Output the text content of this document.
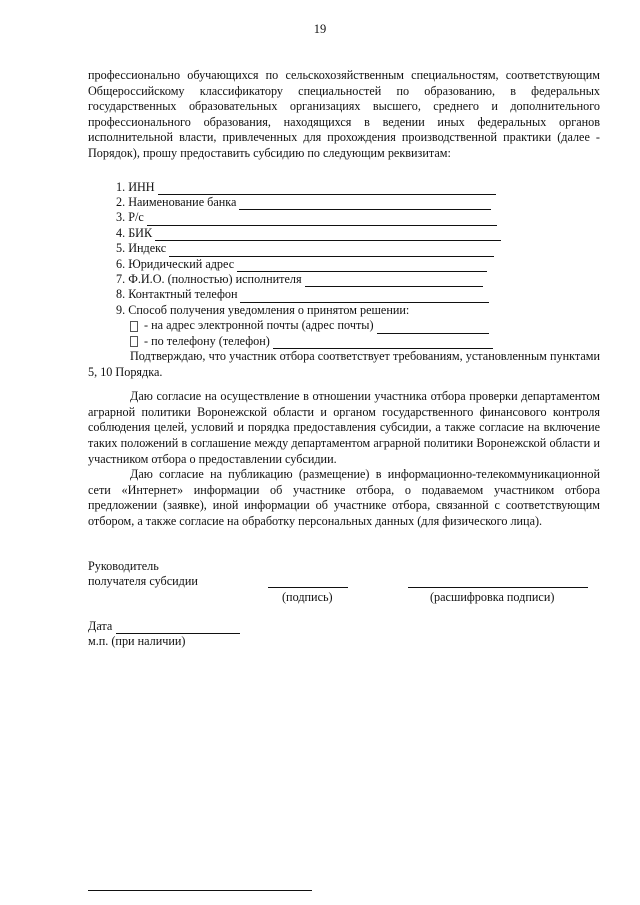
19

профессионально обучающихся по сельскохозяйственным специальностям, соответствующим Общероссийскому классификатору специальностей по образованию, в федеральных государственных образовательных организациях высшего, среднего и дополнительного профессионального образования, находящихся в ведении иных федеральных органов исполнительной власти, привлеченных для прохождения производственной практики (далее - Порядок), прошу предоставить субсидию по следующим реквизитам:

1. ИНН
2. Наименование банка
3. Р/с
4. БИК
5. Индекс
6. Юридический адрес
7. Ф.И.О. (полностью) исполнителя
8. Контактный телефон
9. Способ получения уведомления о принятом решении:
- на адрес электронной почты (адрес почты)
- по телефону (телефон)

Подтверждаю, что участник отбора соответствует требованиям, установленным пунктами 5, 10 Порядка.

Даю согласие на осуществление в отношении участника отбора проверки департаментом аграрной политики Воронежской области и органом государственного финансового контроля соблюдения целей, условий и порядка предоставления субсидии, а также согласие на включение таких положений в соглашение между департаментом аграрной политики Воронежской области и участником отбора о предоставлении субсидии.

Даю согласие на публикацию (размещение) в информационно-телекоммуникационной сети «Интернет» информации об участнике отбора, о подаваемом участником отбора предложении (заявке), иной информации об участнике отбора, связанной с соответствующим отбором, а также согласие на обработку персональных данных (для физического лица).

Руководитель
получателя субсидии
(подпись)	(расшифровка подписи)
Дата
м.п. (при наличии)
